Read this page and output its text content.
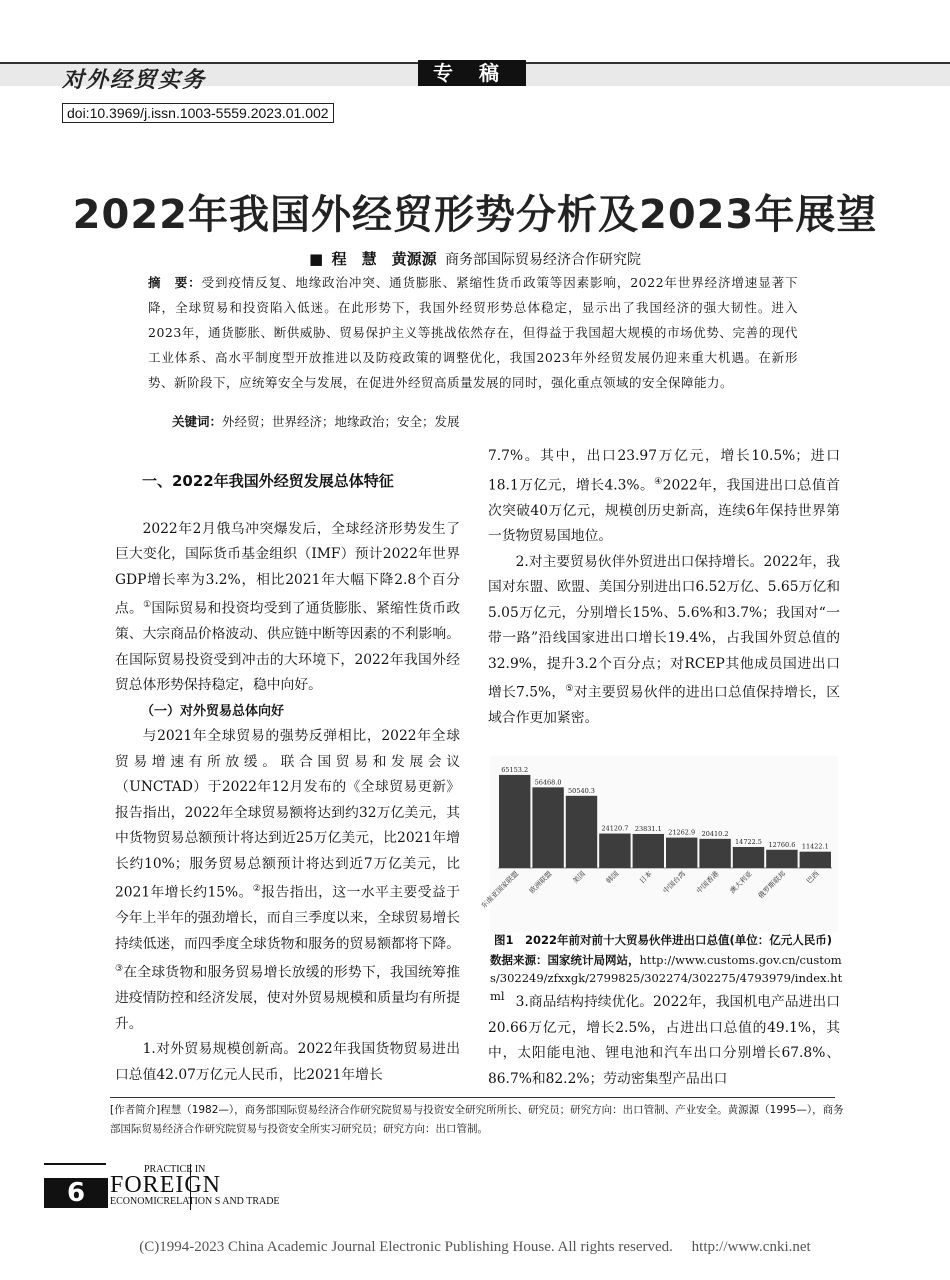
对外经贸实务	专稿
doi:10.3969/j.issn.1003-5559.2023.01.002
2022年我国外经贸形势分析及2023年展望
■ 程　慧　黄源源 商务部国际贸易经济合作研究院
摘　要：受到疫情反复、地缘政治冲突、通货膨胀、紧缩性货币政策等因素影响，2022年世界经济增速显著下降，全球贸易和投资陷入低迷。在此形势下，我国外经贸形势总体稳定，显示出了我国经济的强大韧性。进入2023年，通货膨胀、断供威胁、贸易保护主义等挑战依然存在，但得益于我国超大规模的市场优势、完善的现代工业体系、高水平制度型开放推进以及防疫政策的调整优化，我国2023年外经贸发展仍迎来重大机遇。在新形势、新阶段下，应统筹安全与发展，在促进外经贸高质量发展的同时，强化重点领域的安全保障能力。
关键词：外经贸；世界经济；地缘政治；安全；发展
一、2022年我国外经贸发展总体特征

2022年2月俄乌冲突爆发后，全球经济形势发生了巨大变化，国际货币基金组织（IMF）预计2022年世界GDP增长率为3.2%，相比2021年大幅下降2.8个百分点。①国际贸易和投资均受到了通货膨胀、紧缩性货币政策、大宗商品价格波动、供应链中断等因素的不利影响。在国际贸易投资受到冲击的大环境下，2022年我国外经贸总体形势保持稳定，稳中向好。

（一）对外贸易总体向好

与2021年全球贸易的强势反弹相比，2022年全球贸易增速有所放缓。联合国贸易和发展会议（UNCTAD）于2022年12月发布的《全球贸易更新》报告指出，2022年全球贸易额将达到约32万亿美元，其中货物贸易总额预计将达到近25万亿美元，比2021年增长约10%；服务贸易总额预计将达到近7万亿美元，比2021年增长约15%。②报告指出，这一水平主要受益于今年上半年的强劲增长，而自三季度以来，全球贸易增长持续低迷，而四季度全球货物和服务的贸易额都将下降。③在全球货物和服务贸易增长放缓的形势下，我国统筹推进疫情防控和经济发展，使对外贸易规模和质量均有所提升。

1.对外贸易规模创新高。2022年我国货物贸易进出口总值42.07万亿元人民币，比2021年增长

7.7%。其中，出口23.97万亿元，增长10.5%；进口18.1万亿元，增长4.3%。④2022年，我国进出口总值首次突破40万亿元，规模创历史新高，连续6年保持世界第一货物贸易国地位。

2.对主要贸易伙伴外贸进出口保持增长。2022年，我国对东盟、欧盟、美国分别进出口6.52万亿、5.65万亿和5.05万亿元，分别增长15%、5.6%和3.7%；我国对“一带一路”沿线国家进出口增长19.4%，占我国外贸总值的32.9%，提升3.2个百分点；对RCEP其他成员国进出口增长7.5%，⑤对主要贸易伙伴的进出口总值保持增长，区域合作更加紧密。

65153.2
东南亚国家联盟
56468.0
欧洲联盟
50540.3
美国
24120.7
韩国
23831.1
日本
21262.9
中国台湾
20410.2
中国香港
14722.5
澳大利亚
12760.6
俄罗斯联邦
11422.1
巴西
图1　2022年前对前十大贸易伙伴进出口总值(单位：亿元人民币)
数据来源：国家统计局网站，http://www.customs.gov.cn/customs/302249/zfxxgk/2799825/302274/302275/4793979/index.html 3.商品结构持续优化。2022年，我国机电产品进出口20.66万亿元，增长2.5%，占进出口总值的49.1%，其中，太阳能电池、锂电池和汽车出口分别增长67.8%、86.7%和82.2%；劳动密集型产品出口

[作者简介]程慧（1982—），商务部国际贸易经济合作研究院贸易与投资安全研究所所长、研究员；研究方向：出口管制、产业安全。黄源源（1995—），商务部国际贸易经济合作研究院贸易与投资安全所实习研究员；研究方向：出口管制。
6
PRACTICE IN
FOREIGN
ECONOMICRELATION S AND TRADE
(C)1994-2023 China Academic Journal Electronic Publishing House. All rights reserved.　 http://www.cnki.net
